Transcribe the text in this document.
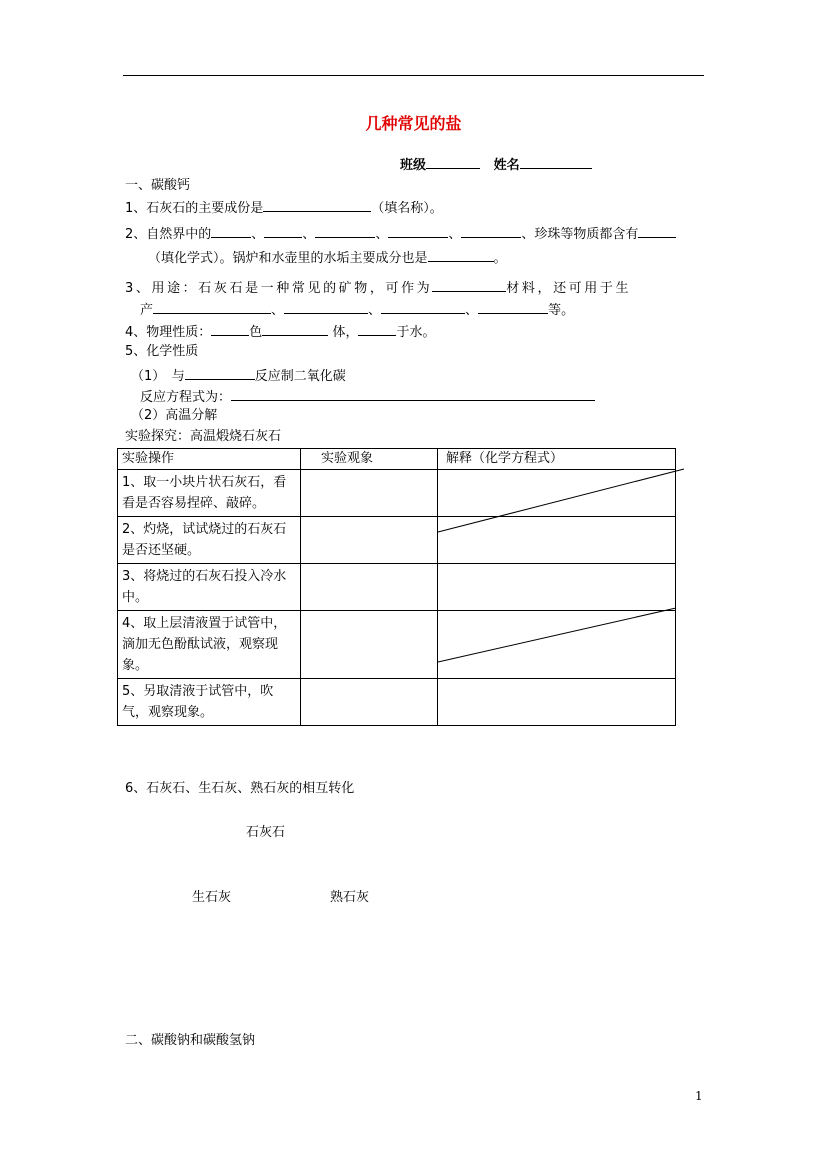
几种常见的盐
班级	姓名
一、碳酸钙
1、石灰石的主要成份是	（填名称）。
2、自然界中的	、	、	、	、	、珍珠等物质都含有
（填化学式）。锅炉和水壶里的水垢主要成分也是	。
3、用途：石灰石是一种常见的矿物，可作为	材料，还可用于生
产	、	、	、	等。
4、物理性质：	色	体，	于水。
5、化学性质
（1）　与	反应制二氧化碳
反应方程式为：
（2）高温分解
实验探究：高温煅烧石灰石
实验操作	实验观象	解释（化学方程式）
1、取一小块片状石灰石，看看是否容易捏碎、敲碎。		
2、灼烧，试试烧过的石灰石是否还坚硬。		
3、将烧过的石灰石投入冷水中。		
4、取上层清液置于试管中，滴加无色酚酞试液，观察现象。		
5、另取清液于试管中，吹气，观察现象。		
6、石灰石、生石灰、熟石灰的相互转化
石灰石
生石灰	熟石灰
二、碳酸钠和碳酸氢钠
1
